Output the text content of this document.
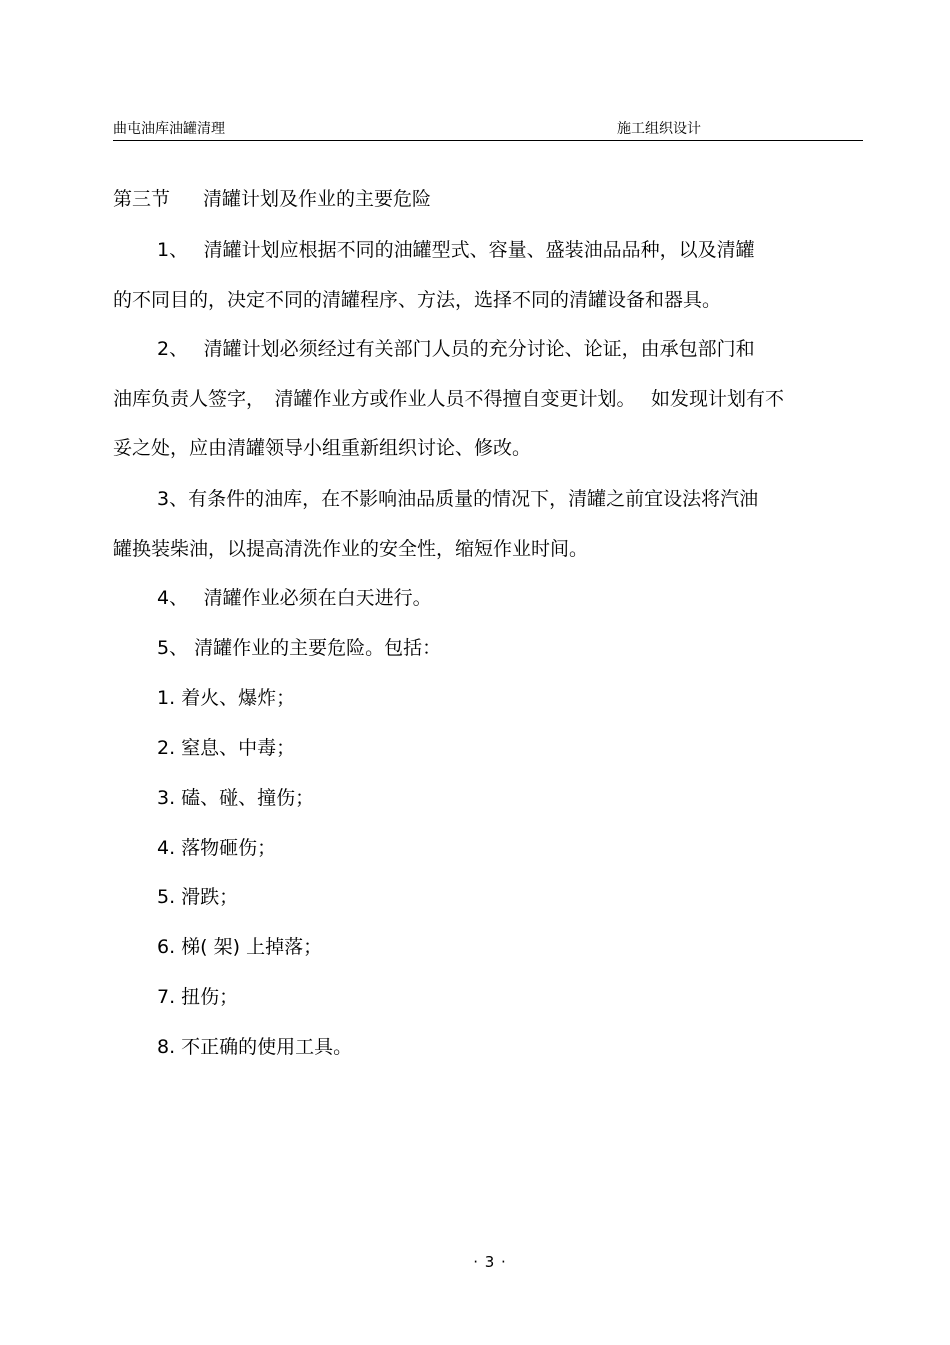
曲屯油库油罐清理	施工组织设计
第三节 清罐计划及作业的主要危险
1、　 清罐计划应根据不同的油罐型式、容量、盛装油品品种，以及清罐
的不同目的，决定不同的清罐程序、方法，选择不同的清罐设备和器具。
2、　 清罐计划必须经过有关部门人员的充分讨论、论证，由承包部门和
油库负责人签字，　清罐作业方或作业人员不得擅自变更计划。　 如发现计划有不
妥之处，应由清罐领导小组重新组织讨论、修改。
3、有条件的油库，在不影响油品质量的情况下，清罐之前宜设法将汽油
罐换装柴油，以提高清洗作业的安全性，缩短作业时间。
4、　 清罐作业必须在白天进行。
5、 清罐作业的主要危险。包括：
1. 着火、爆炸；
2. 窒息、中毒；
3. 磕、碰、撞伤；
4. 落物砸伤；
5. 滑跌；
6. 梯( 架) 上掉落；
7. 扭伤；
8. 不正确的使用工具。
· 3 ·
